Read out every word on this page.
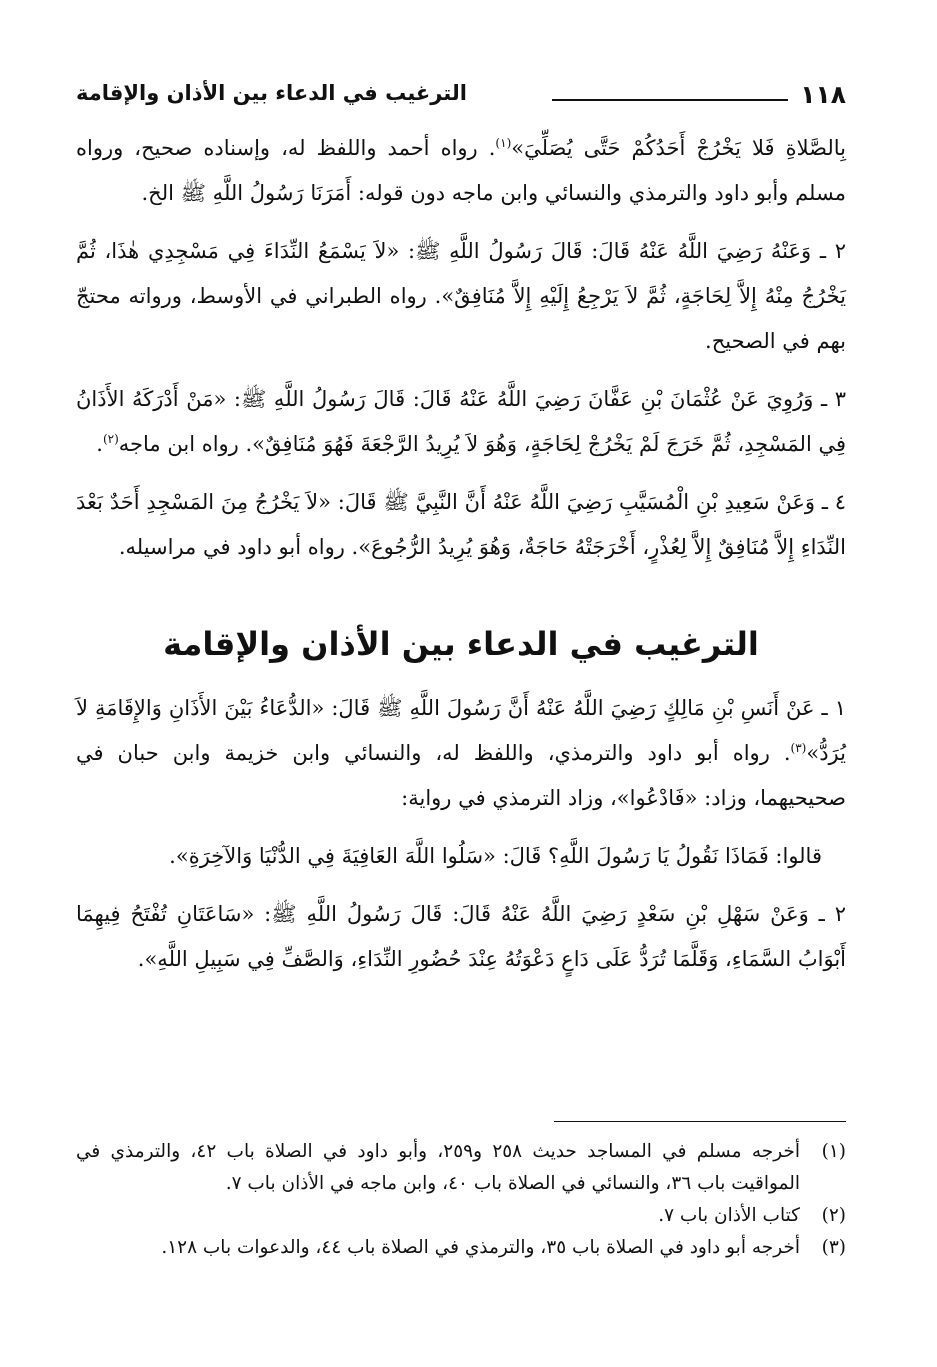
١١٨
الترغيب في الدعاء بين الأذان والإقامة

بِالصَّلاةِ فَلا يَخْرُجْ أَحَدُكُمْ حَتَّى يُصَلِّيَ»$^{(١)}$. رواه أحمد واللفظ له، وإسناده صحيح، ورواه مسلم وأبو داود والترمذي والنسائي وابن ماجه دون قوله: أَمَرَنَا رَسُولُ اللَّهِ ﷺ الخ.

٢ ـ وَعَنْهُ رَضِيَ اللَّهُ عَنْهُ قَالَ: قَالَ رَسُولُ اللَّهِ ﷺ: «لاَ يَسْمَعُ النِّدَاءَ فِي مَسْجِدِي هٰذَا، ثُمَّ يَخْرُجُ مِنْهُ إِلاَّ لِحَاجَةٍ، ثُمَّ لاَ يَرْجِعُ إِلَيْهِ إِلاَّ مُنَافِقٌ». رواه الطبراني في الأوسط، ورواته محتجّ بهم في الصحيح.

٣ ـ وَرُوِيَ عَنْ عُثْمَانَ بْنِ عَفَّانَ رَضِيَ اللَّهُ عَنْهُ قَالَ: قَالَ رَسُولُ اللَّهِ ﷺ: «مَنْ أَدْرَكَهُ الأَذَانُ فِي المَسْجِدِ، ثُمَّ خَرَجَ لَمْ يَخْرُجْ لِحَاجَةٍ، وَهُوَ لاَ يُرِيدُ الرَّجْعَةَ فَهُوَ مُنَافِقٌ». رواه ابن ماجه$^{(٢)}$.

٤ ـ وَعَنْ سَعِيدِ بْنِ الْمُسَيَّبِ رَضِيَ اللَّهُ عَنْهُ أَنَّ النَّبِيَّ ﷺ قَالَ: «لاَ يَخْرُجُ مِنَ المَسْجِدِ أَحَدٌ بَعْدَ النِّدَاءِ إِلاَّ مُنَافِقٌ إِلاَّ لِعُذْرٍ، أَخْرَجَتْهُ حَاجَةٌ، وَهُوَ يُرِيدُ الرُّجُوعَ». رواه أبو داود في مراسيله.

الترغيب في الدعاء بين الأذان والإقامة

١ ـ عَنْ أَنَسِ بْنِ مَالِكٍ رَضِيَ اللَّهُ عَنْهُ أَنَّ رَسُولَ اللَّهِ ﷺ قَالَ: «الدُّعَاءُ بَيْنَ الأَذَانِ وَالإِقَامَةِ لاَ يُرَدُّ»$^{(٣)}$. رواه أبو داود والترمذي، واللفظ له، والنسائي وابن خزيمة وابن حبان في صحيحيهما، وزاد: «فَادْعُوا»، وزاد الترمذي في رواية:

قالوا: فَمَاذَا نَقُولُ يَا رَسُولَ اللَّهِ؟ قَالَ: «سَلُوا اللَّهَ العَافِيَةَ فِي الدُّنْيَا وَالآخِرَةِ».

٢ ـ وَعَنْ سَهْلِ بْنِ سَعْدٍ رَضِيَ اللَّهُ عَنْهُ قَالَ: قَالَ رَسُولُ اللَّهِ ﷺ: «سَاعَتَانِ تُفْتَحُ فِيهِمَا أَبْوَابُ السَّمَاءِ، وَقَلَّمَا تُرَدُّ عَلَى دَاعٍ دَعْوَتُهُ عِنْدَ حُضُورِ النِّدَاءِ، وَالصَّفِّ فِي سَبِيلِ اللَّهِ».

(١)
أخرجه مسلم في المساجد حديث ٢٥٨ و٢٥٩، وأبو داود في الصلاة باب ٤٢، والترمذي في المواقيت باب ٣٦، والنسائي في الصلاة باب ٤٠، وابن ماجه في الأذان باب ٧.
(٢)
كتاب الأذان باب ٧.
(٣)
أخرجه أبو داود في الصلاة باب ٣٥، والترمذي في الصلاة باب ٤٤، والدعوات باب ١٢٨.
